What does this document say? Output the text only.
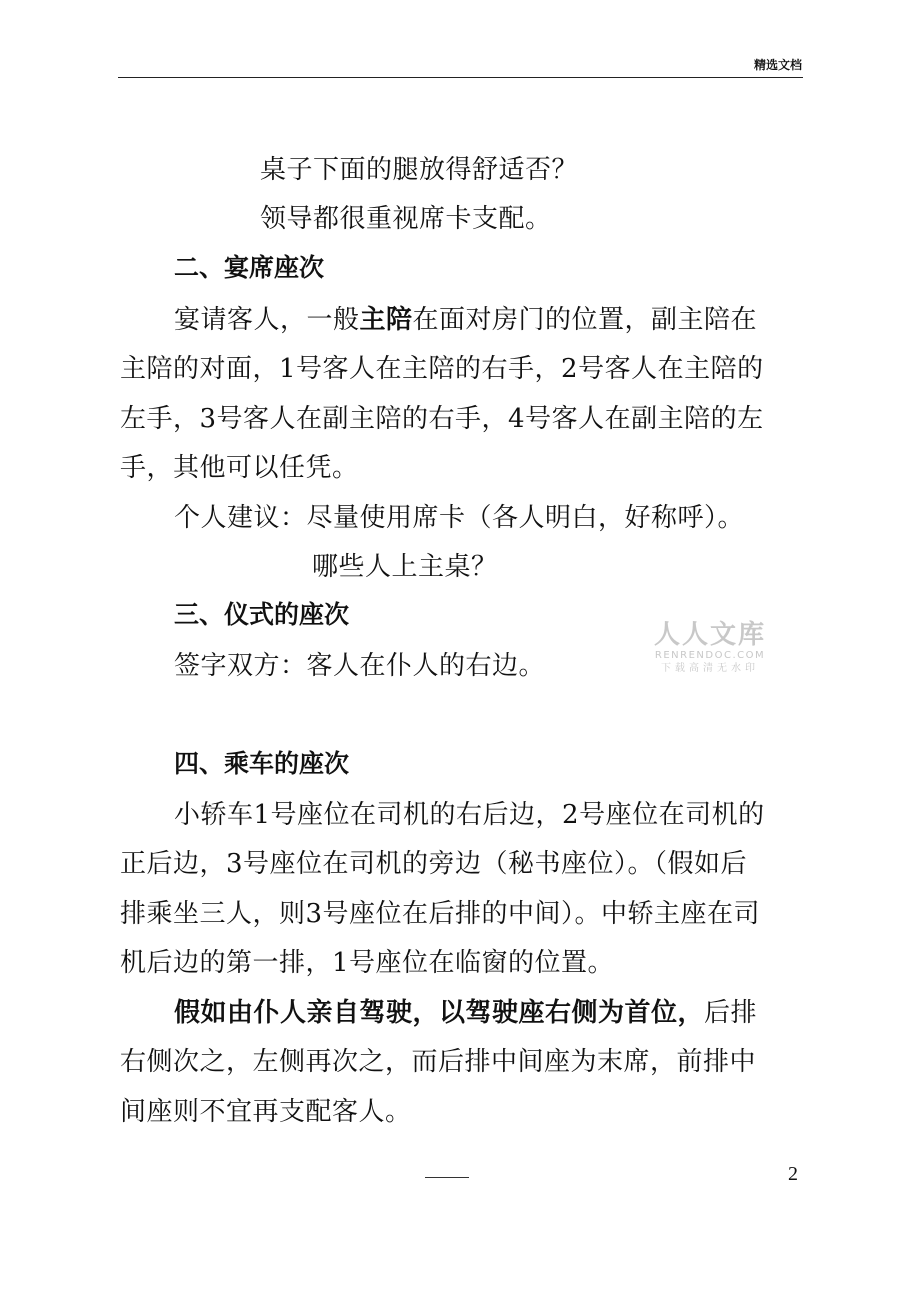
精选文档
桌子下面的腿放得舒适否？
领导都很重视席卡支配。
二、宴席座次
宴请客人，一般主陪在面对房门的位置，副主陪在
主陪的对面，1号客人在主陪的右手，2号客人在主陪的
左手，3号客人在副主陪的右手，4号客人在副主陪的左
手，其他可以任凭。
个人建议：尽量使用席卡（各人明白，好称呼）。
哪些人上主桌？
三、仪式的座次
签字双方：客人在仆人的右边。
人人文库
RENRENDOC.COM
下载高清无水印
四、乘车的座次
小轿车1号座位在司机的右后边，2号座位在司机的
正后边，3号座位在司机的旁边（秘书座位）。（假如后
排乘坐三人，则3号座位在后排的中间）。中轿主座在司
机后边的第一排，1号座位在临窗的位置。
假如由仆人亲自驾驶，以驾驶座右侧为首位，后排
右侧次之，左侧再次之，而后排中间座为末席，前排中
间座则不宜再支配客人。
2
